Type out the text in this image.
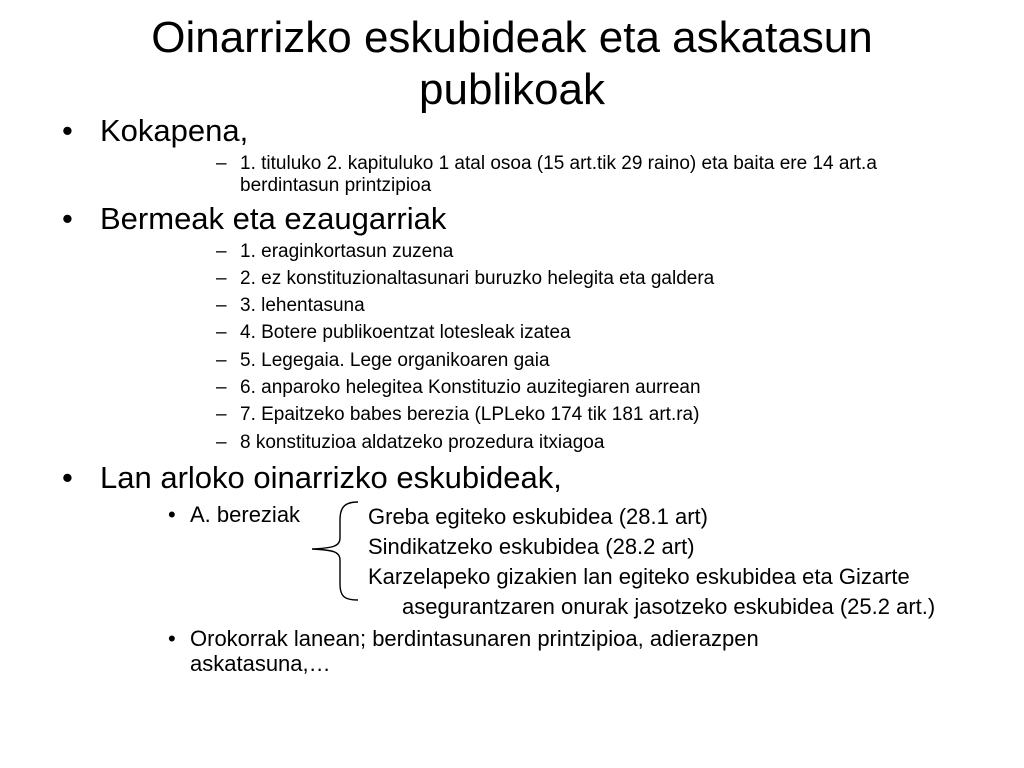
Oinarrizko eskubideak eta askatasun publikoak
• Kokapena,
– 1. tituluko 2. kapituluko 1 atal osoa (15 art.tik 29 raino) eta baita ere 14 art.a berdintasun printzipioa
• Bermeak eta ezaugarriak
– 1. eraginkortasun zuzena
– 2. ez konstituzionaltasunari buruzko helegita eta galdera
– 3. lehentasuna
– 4. Botere publikoentzat lotesleak izatea
– 5. Legegaia. Lege organikoaren gaia
– 6. anparoko helegitea Konstituzio auzitegiaren aurrean
– 7. Epaitzeko babes berezia (LPLeko 174 tik 181 art.ra)
– 8 konstituzioa aldatzeko prozedura itxiagoa
• Lan arloko oinarrizko eskubideak,
• A. bereziak	Greba egiteko eskubidea (28.1 art)
Sindikatzeko eskubidea (28.2 art)
Karzelapeko gizakien lan egiteko eskubidea eta Gizarte
asegurantzaren onurak jasotzeko eskubidea (25.2 art.)
• Orokorrak lanean; berdintasunaren printzipioa, adierazpen askatasuna,…
